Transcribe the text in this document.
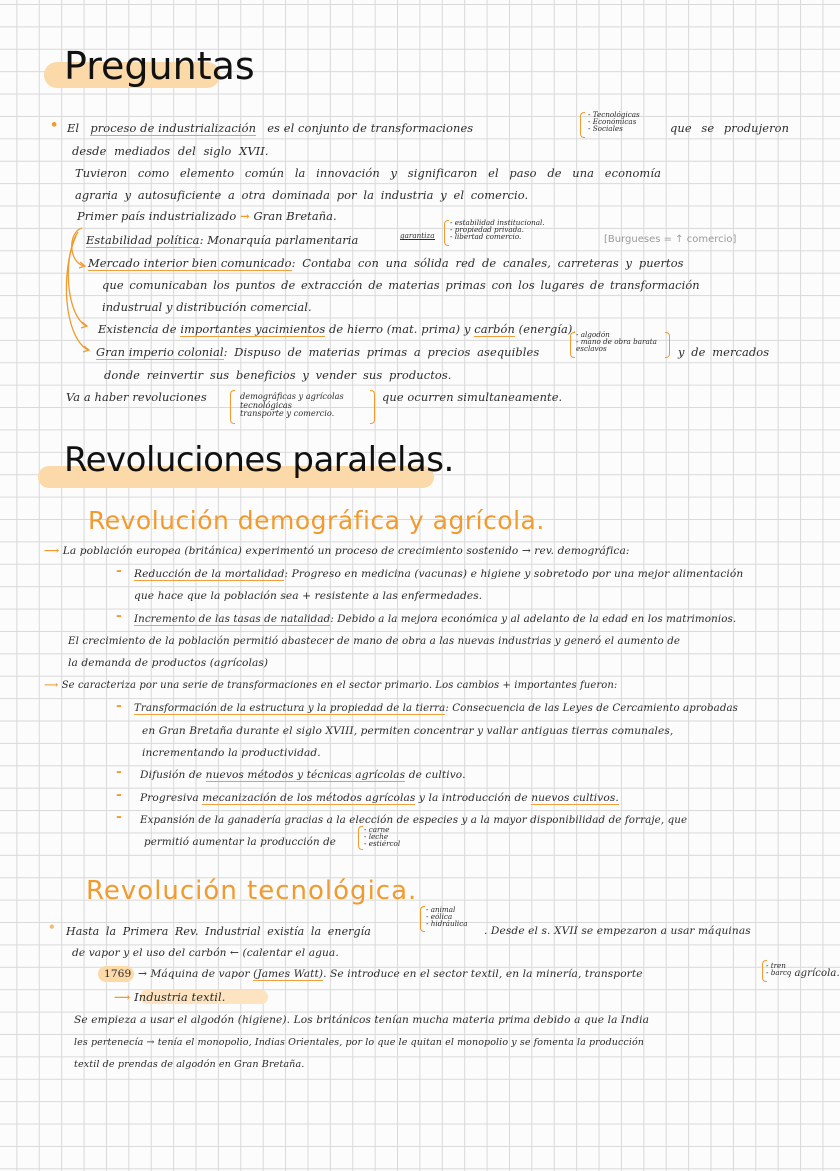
Preguntas
• El proceso de industrialización es el conjunto de transformaciones
- Tecnológicas
- Económicas
- Sociales	que se produjeron
desde mediados del siglo XVII.
Tuvieron como elemento común la innovación y significaron el paso de una economía
agraria y autosuficiente a otra dominada por la industria y el comercio.
Primer país industrializado → Gran Bretaña.
Estabilidad política: Monarquía parlamentaria	garantiza
- estabilidad institucional.
- propiedad privada.
- libertad comercio.	[Burgueses = ↑ comercio]
Mercado interior bien comunicado: Contaba con una sólida red de canales, carreteras y puertos
que comunicaban los puntos de extracción de materias primas con los lugares de transformación
industrual y distribución comercial.
Existencia de importantes yacimientos de hierro (mat. prima) y carbón (energía).
Gran imperio colonial: Dispuso de materias primas a precios asequibles
- algodón
- mano de obra barata
esclavos	y de mercados
donde reinvertir sus beneficios y vender sus productos.
Va a haber revoluciones	demográficas y agrícolas
tecnológicas
transporte y comercio.
que ocurren simultaneamente.
Revoluciones paralelas.
Revolución demográfica y agrícola.
⟶ La población europea (británica) experimentó un proceso de crecimiento sostenido → rev. demográfica:
- Reducción de la mortalidad: Progreso en medicina (vacunas) e higiene y sobretodo por una mejor alimentación
que hace que la población sea + resistente a las enfermedades.
- Incremento de las tasas de natalidad: Debido a la mejora económica y al adelanto de la edad en los matrimonios.
El crecimiento de la población permitió abastecer de mano de obra a las nuevas industrias y generó el aumento de
la demanda de productos (agrícolas)
⟶ Se caracteriza por una serie de transformaciones en el sector primario. Los cambios + importantes fueron:
- Transformación de la estructura y la propiedad de la tierra: Consecuencia de las Leyes de Cercamiento aprobadas
en Gran Bretaña durante el siglo XVIII, permiten concentrar y vallar antiguas tierras comunales,
incrementando la productividad.
- Difusión de nuevos métodos y técnicas agrícolas de cultivo.
- Progresiva mecanización de los métodos agrícolas y la introducción de nuevos cultivos.
- Expansión de la ganadería gracias a la elección de especies y a la mayor disponibilidad de forraje, que
permitió aumentar la producción de
- carne
- leche
- estiércol
Revolución tecnológica.
- animal
- eólica
- hidráulica
• Hasta la Primera Rev. Industrial existía la energía	. Desde el s. XVII se empezaron a usar máquinas
de vapor y el uso del carbón ← (calentar el agua.
1769 → Máquina de vapor (James Watt). Se introduce en el sector textil, en la minería, transporte
- tren
- barco
, agrícola.
⟶ Industria textil.
Se empieza a usar el algodón (higiene). Los británicos tenían mucha materia prima debido a que la India
les pertenecía → tenía el monopolio, Indias Orientales, por lo que le quitan el monopolio y se fomenta la producción
textil de prendas de algodón en Gran Bretaña.
